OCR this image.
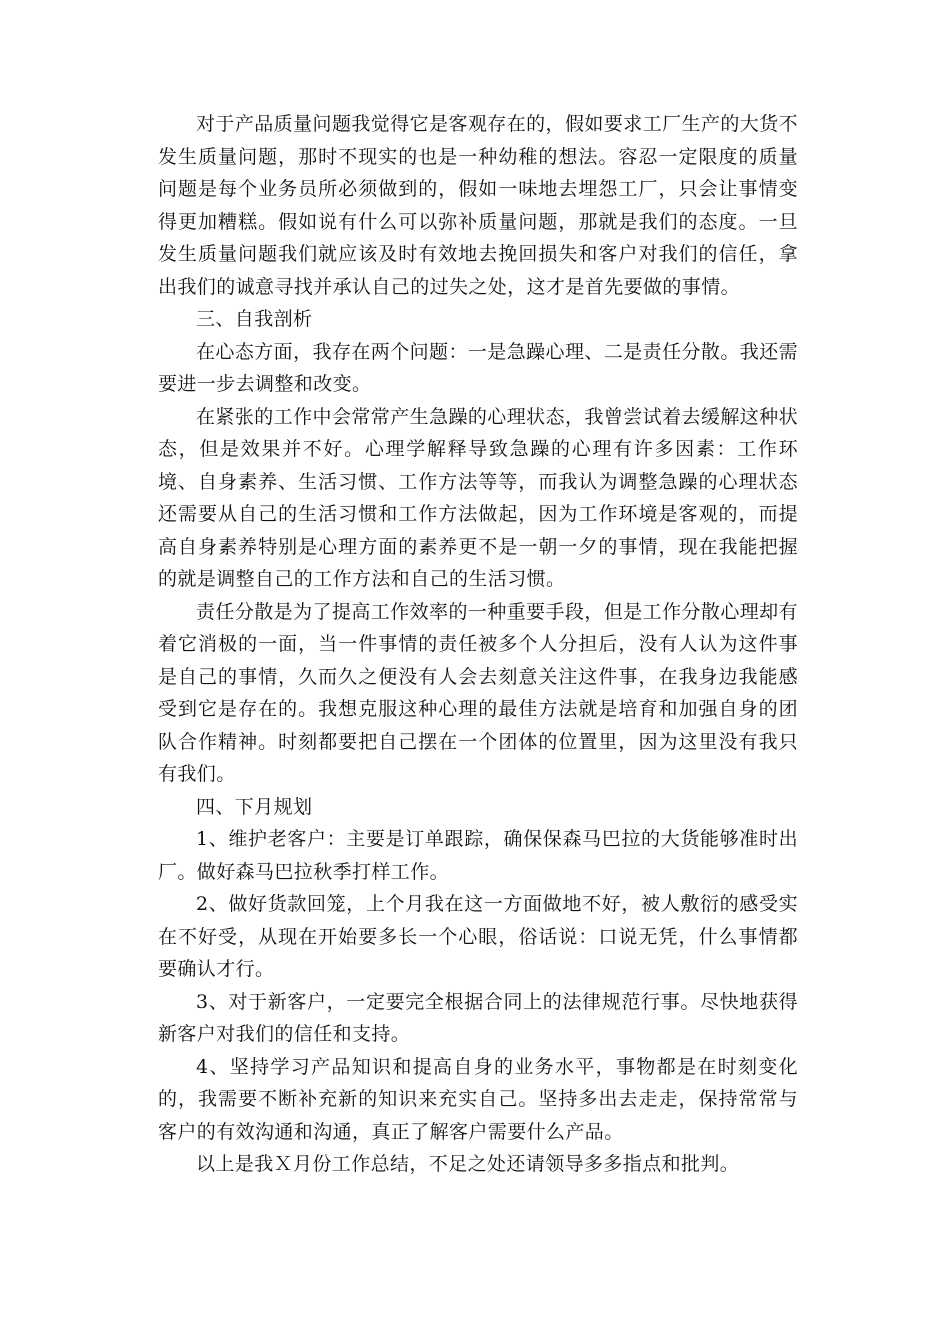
对于产品质量问题我觉得它是客观存在的，假如要求工厂生产的大货不发生质量问题，那时不现实的也是一种幼稚的想法。容忍一定限度的质量问题是每个业务员所必须做到的，假如一味地去埋怨工厂，只会让事情变得更加糟糕。假如说有什么可以弥补质量问题，那就是我们的态度。一旦发生质量问题我们就应该及时有效地去挽回损失和客户对我们的信任，拿出我们的诚意寻找并承认自己的过失之处，这才是首先要做的事情。

三、自我剖析

在心态方面，我存在两个问题：一是急躁心理、二是责任分散。我还需要进一步去调整和改变。

在紧张的工作中会常常产生急躁的心理状态，我曾尝试着去缓解这种状态，但是效果并不好。心理学解释导致急躁的心理有许多因素：工作环境、自身素养、生活习惯、工作方法等等，而我认为调整急躁的心理状态还需要从自己的生活习惯和工作方法做起，因为工作环境是客观的，而提高自身素养特别是心理方面的素养更不是一朝一夕的事情，现在我能把握的就是调整自己的工作方法和自己的生活习惯。

责任分散是为了提高工作效率的一种重要手段，但是工作分散心理却有着它消极的一面，当一件事情的责任被多个人分担后，没有人认为这件事是自己的事情，久而久之便没有人会去刻意关注这件事，在我身边我能感受到它是存在的。我想克服这种心理的最佳方法就是培育和加强自身的团队合作精神。时刻都要把自己摆在一个团体的位置里，因为这里没有我只有我们。

四、下月规划

1、维护老客户：主要是订单跟踪，确保保森马巴拉的大货能够准时出厂。做好森马巴拉秋季打样工作。

2、做好货款回笼，上个月我在这一方面做地不好，被人敷衍的感受实在不好受，从现在开始要多长一个心眼，俗话说：口说无凭，什么事情都要确认才行。

3、对于新客户，一定要完全根据合同上的法律规范行事。尽快地获得新客户对我们的信任和支持。

4、坚持学习产品知识和提高自身的业务水平，事物都是在时刻变化的，我需要不断补充新的知识来充实自己。坚持多出去走走，保持常常与客户的有效沟通和沟通，真正了解客户需要什么产品。

以上是我Ｘ月份工作总结，不足之处还请领导多多指点和批判。
